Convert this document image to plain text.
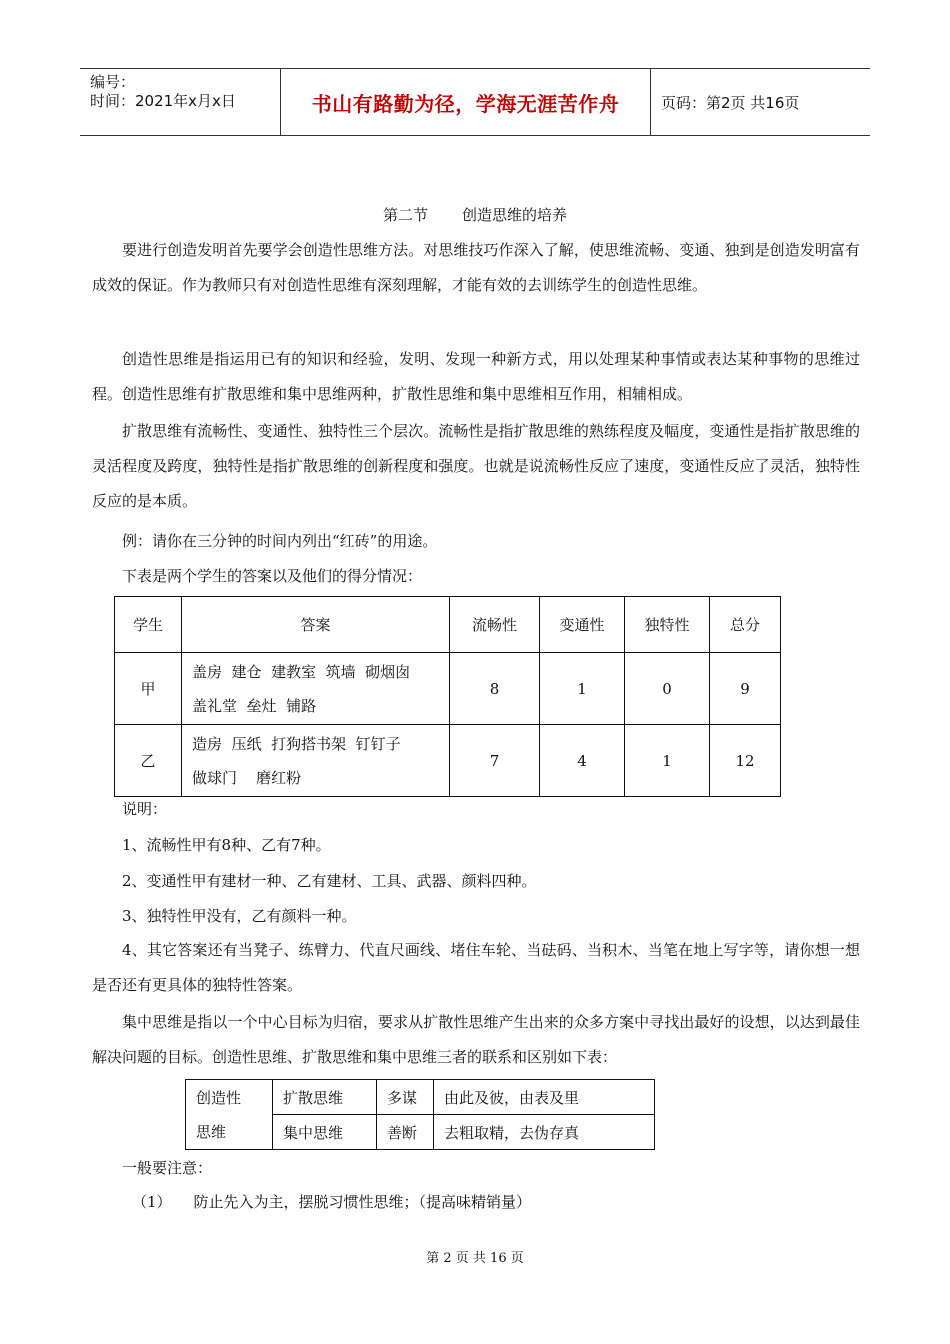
编号：
时间：2021年x月x日	书山有路勤为径，学海无涯苦作舟	页码：第2页 共16页
第二节 创造思维的培养
要进行创造发明首先要学会创造性思维方法。对思维技巧作深入了解，使思维流畅、变通、独到是创造发明富有成效的保证。作为教师只有对创造性思维有深刻理解，才能有效的去训练学生的创造性思维。
创造性思维是指运用已有的知识和经验，发明、发现一种新方式，用以处理某种事情或表达某种事物的思维过程。创造性思维有扩散思维和集中思维两种，扩散性思维和集中思维相互作用，相辅相成。
扩散思维有流畅性、变通性、独特性三个层次。流畅性是指扩散思维的熟练程度及幅度，变通性是指扩散思维的灵活程度及跨度，独特性是指扩散思维的创新程度和强度。也就是说流畅性反应了速度，变通性反应了灵活，独特性反应的是本质。
例：请你在三分钟的时间内列出“红砖”的用途。
下表是两个学生的答案以及他们的得分情况：
学生	答案	流畅性	变通性	独特性	总分
甲	盖房  建仓  建教室  筑墙  砌烟囱
盖礼堂  垒灶  铺路	8	1	0	9
乙	造房  压纸  打狗搭书架  钉钉子
做球门    磨红粉	7	4	1	12
说明：
1、流畅性甲有8种、乙有7种。
2、变通性甲有建材一种、乙有建材、工具、武器、颜料四种。
3、独特性甲没有，乙有颜料一种。
4、其它答案还有当凳子、练臂力、代直尺画线、堵住车轮、当砝码、当积木、当笔在地上写字等，请你想一想是否还有更具体的独特性答案。
集中思维是指以一个中心目标为归宿，要求从扩散性思维产生出来的众多方案中寻找出最好的设想，以达到最佳解决问题的目标。创造性思维、扩散思维和集中思维三者的联系和区别如下表：
创造性
思维	扩散思维	多谋	由此及彼，由表及里
	集中思维	善断	去粗取精，去伪存真
一般要注意：
（1） 防止先入为主，摆脱习惯性思维；（提高味精销量）
第 2 页 共 16 页
